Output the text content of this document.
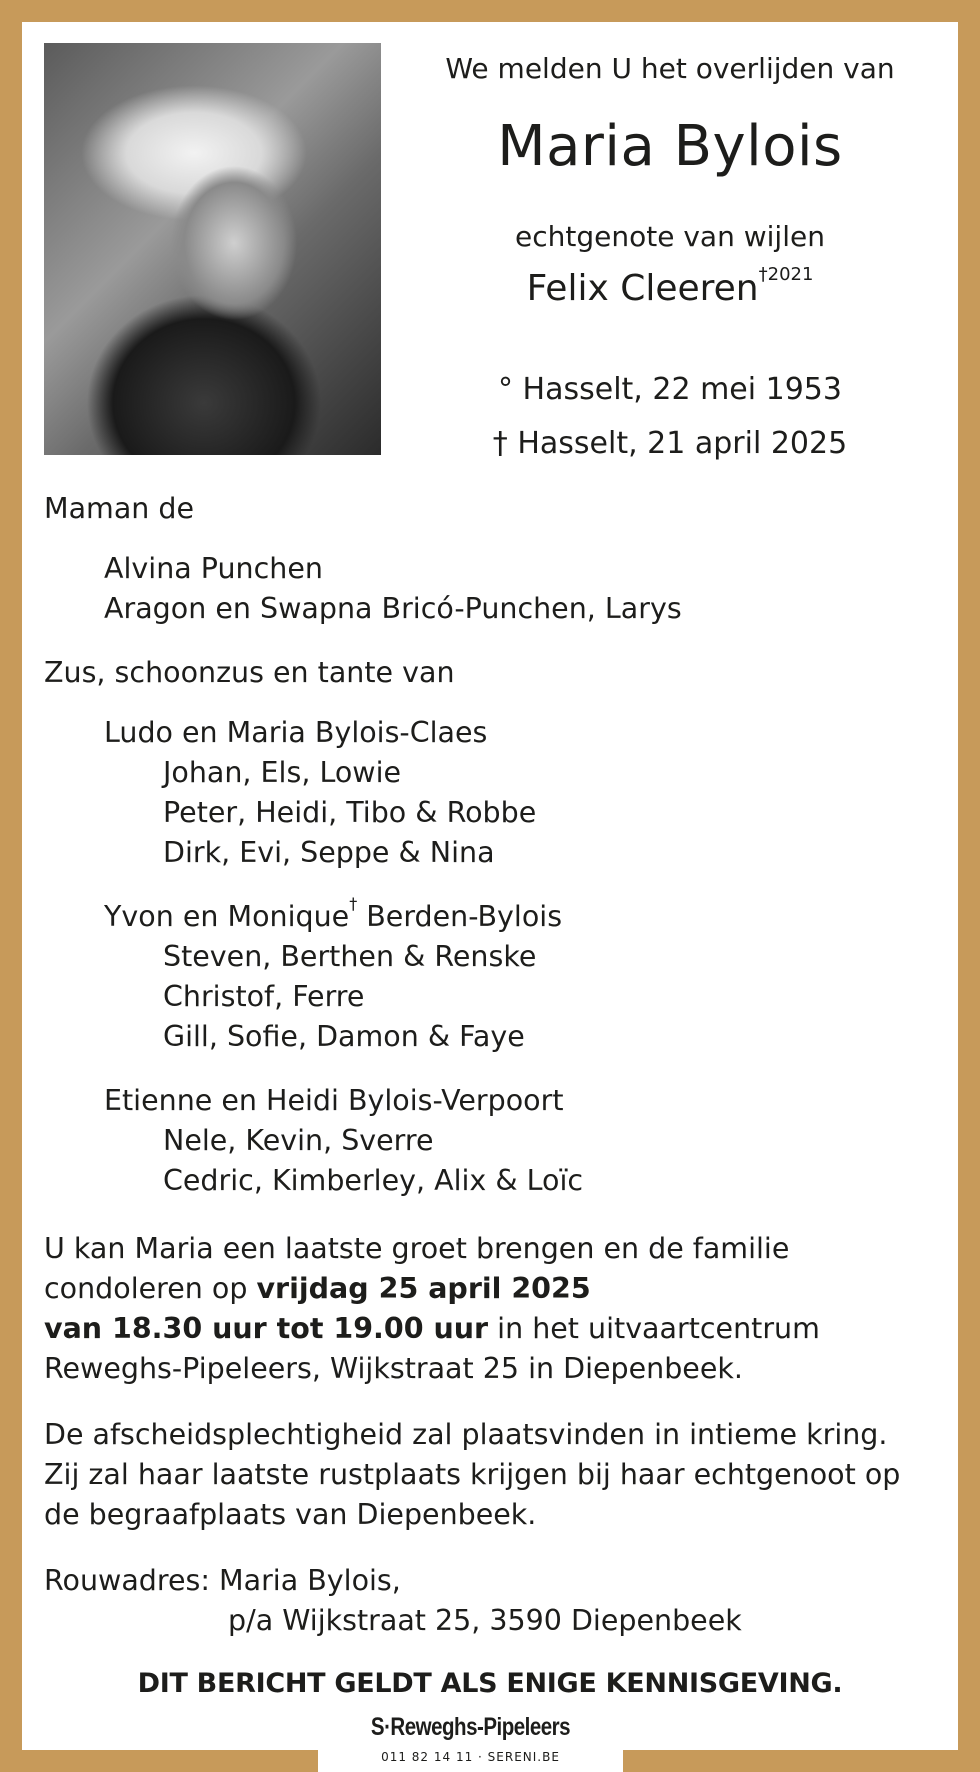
We melden U het overlijden van
Maria Bylois
echtgenote van wijlen
Felix Cleeren$^{\dagger 2021}$
° Hasselt, 22 mei 1953
† Hasselt, 21 april 2025
Maman de
Alvina Punchen
Aragon en Swapna Bricó-Punchen, Larys
Zus, schoonzus en tante van
Ludo en Maria Bylois-Claes
Johan, Els, Lowie
Peter, Heidi, Tibo & Robbe
Dirk, Evi, Seppe & Nina
Yvon en Monique† Berden-Bylois
Steven, Berthen & Renske
Christof, Ferre
Gill, Sofie, Damon & Faye
Etienne en Heidi Bylois-Verpoort
Nele, Kevin, Sverre
Cedric, Kimberley, Alix & Loïc
U kan Maria een laatste groet brengen en de familie
condoleren op vrijdag 25 april 2025
van 18.30 uur tot 19.00 uur in het uitvaartcentrum
Reweghs-Pipeleers, Wijkstraat 25 in Diepenbeek.
De afscheidsplechtigheid zal plaatsvinden in intieme kring.
Zij zal haar laatste rustplaats krijgen bij haar echtgenoot op
de begraafplaats van Diepenbeek.
Rouwadres: Maria Bylois,
p/a Wijkstraat 25, 3590 Diepenbeek
DIT BERICHT GELDT ALS ENIGE KENNISGEVING.
S·Reweghs-Pipeleers
011 82 14 11 · SERENI.BE
